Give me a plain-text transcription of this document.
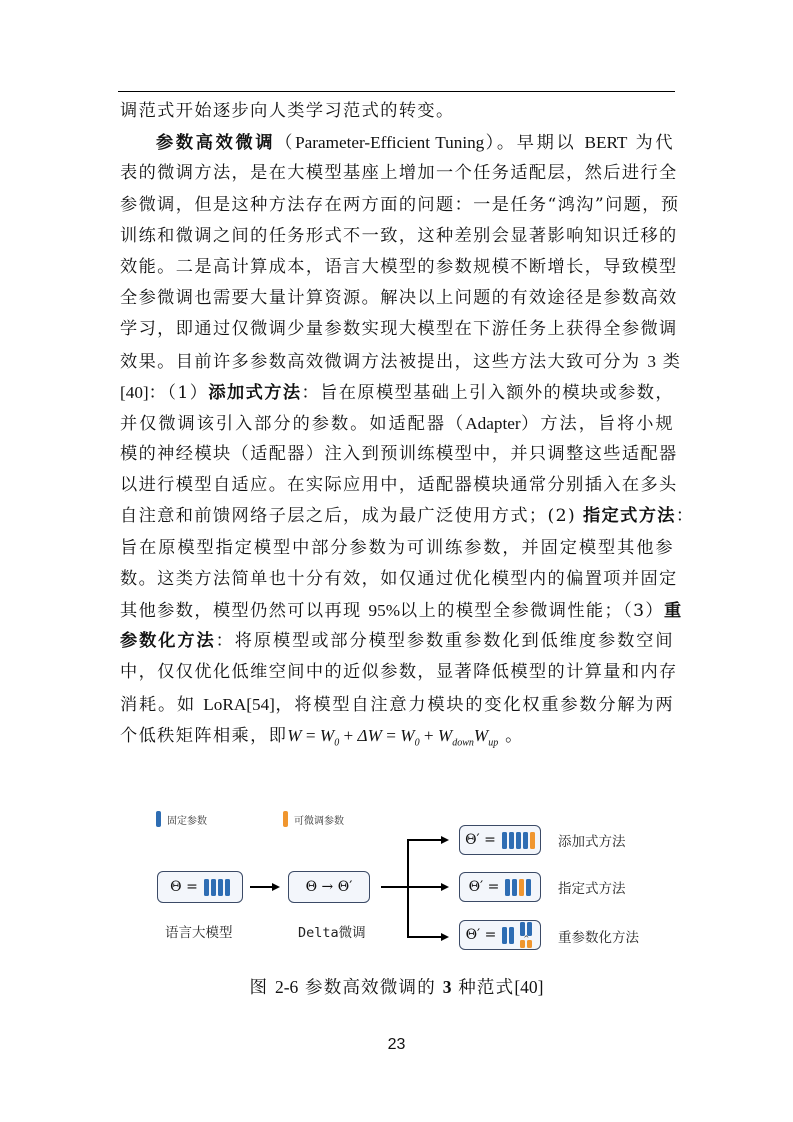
调范式开始逐步向人类学习范式的转变。
参数高效微调（Parameter-Efficient Tuning）。早期以 BERT 为代
表的微调方法，是在大模型基座上增加一个任务适配层，然后进行全
参微调，但是这种方法存在两方面的问题：一是任务“鸿沟”问题，预
训练和微调之间的任务形式不一致，这种差别会显著影响知识迁移的
效能。二是高计算成本，语言大模型的参数规模不断增长，导致模型
全参微调也需要大量计算资源。解决以上问题的有效途径是参数高效
学习，即通过仅微调少量参数实现大模型在下游任务上获得全参微调
效果。目前许多参数高效微调方法被提出，这些方法大致可分为 3 类
[40]：（1）添加式方法：旨在原模型基础上引入额外的模块或参数，
并仅微调该引入部分的参数。如适配器（Adapter）方法，旨将小规
模的神经模块（适配器）注入到预训练模型中，并只调整这些适配器
以进行模型自适应。在实际应用中，适配器模块通常分别插入在多头
自注意和前馈网络子层之后，成为最广泛使用方式；(2) 指定式方法：
旨在原模型指定模型中部分参数为可训练参数，并固定模型其他参
数。这类方法简单也十分有效，如仅通过优化模型内的偏置项并固定
其他参数，模型仍然可以再现 95%以上的模型全参微调性能；（3）重
参数化方法：将原模型或部分模型参数重参数化到低维度参数空间
中，仅仅优化低维空间中的近似参数，显著降低模型的计算量和内存
消耗。如 LoRA[54]，将模型自注意力模块的变化权重参数分解为两
个低秩矩阵相乘，即$W = W_0 + \Delta W = W_0 + W_{down}W_{up}$ 。
固定参数	可微调参数
Θ =
语言大模型
Θ → Θ′
Delta微调
Θ′ =	添加式方法
Θ′ =	指定式方法
Θ′ =	^ 重参数化方法
图 2-6 参数高效微调的 3 种范式[40]
23
